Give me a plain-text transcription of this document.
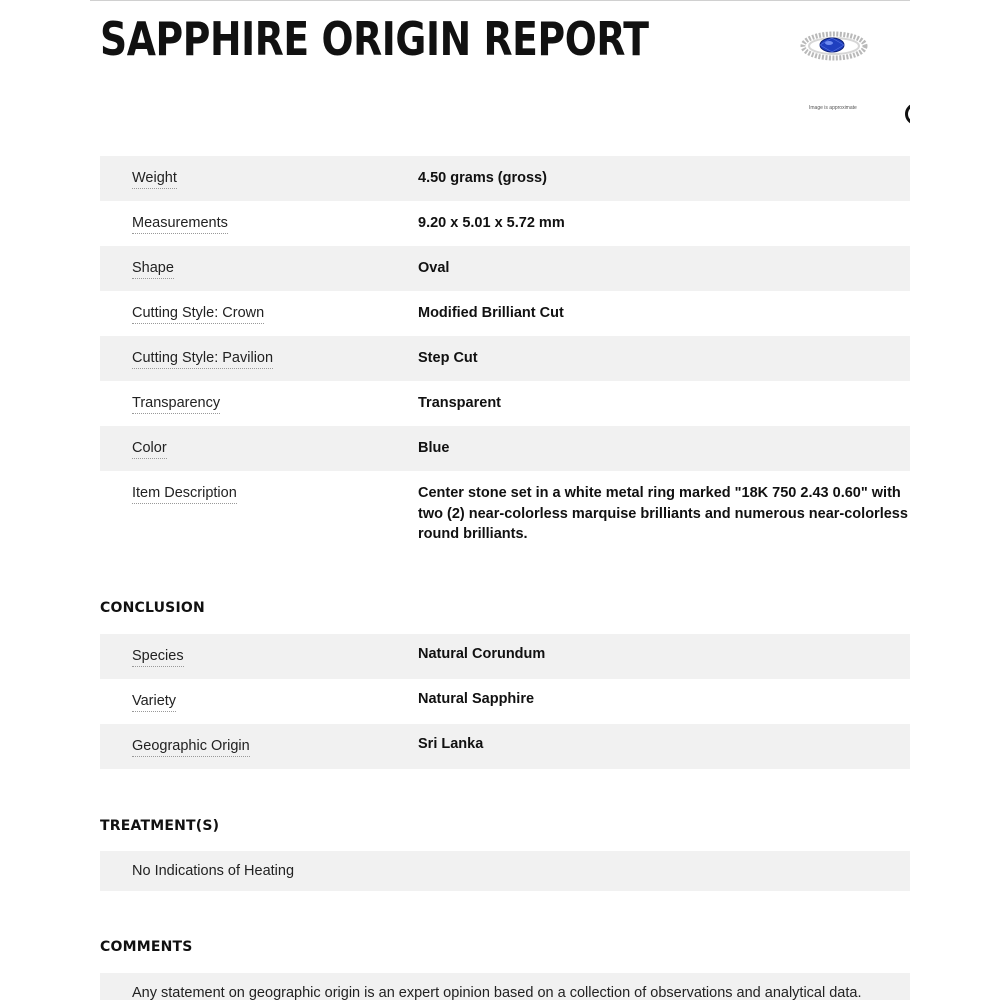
SAPPHIRE ORIGIN REPORT
Image is approximate
Weight	4.50 grams (gross)
Measurements	9.20 x 5.01 x 5.72 mm
Shape	Oval
Cutting Style: Crown	Modified Brilliant Cut
Cutting Style: Pavilion	Step Cut
Transparency	Transparent
Color	Blue
Item Description	Center stone set in a white metal ring marked "18K 750 2.43 0.60" with two (2) near-colorless marquise brilliants and numerous near-colorless round brilliants.
CONCLUSION
Species	Natural Corundum
Variety	Natural Sapphire
Geographic Origin	Sri Lanka
TREATMENT(S)
No Indications of Heating
COMMENTS
Any statement on geographic origin is an expert opinion based on a collection of observations and analytical data.
